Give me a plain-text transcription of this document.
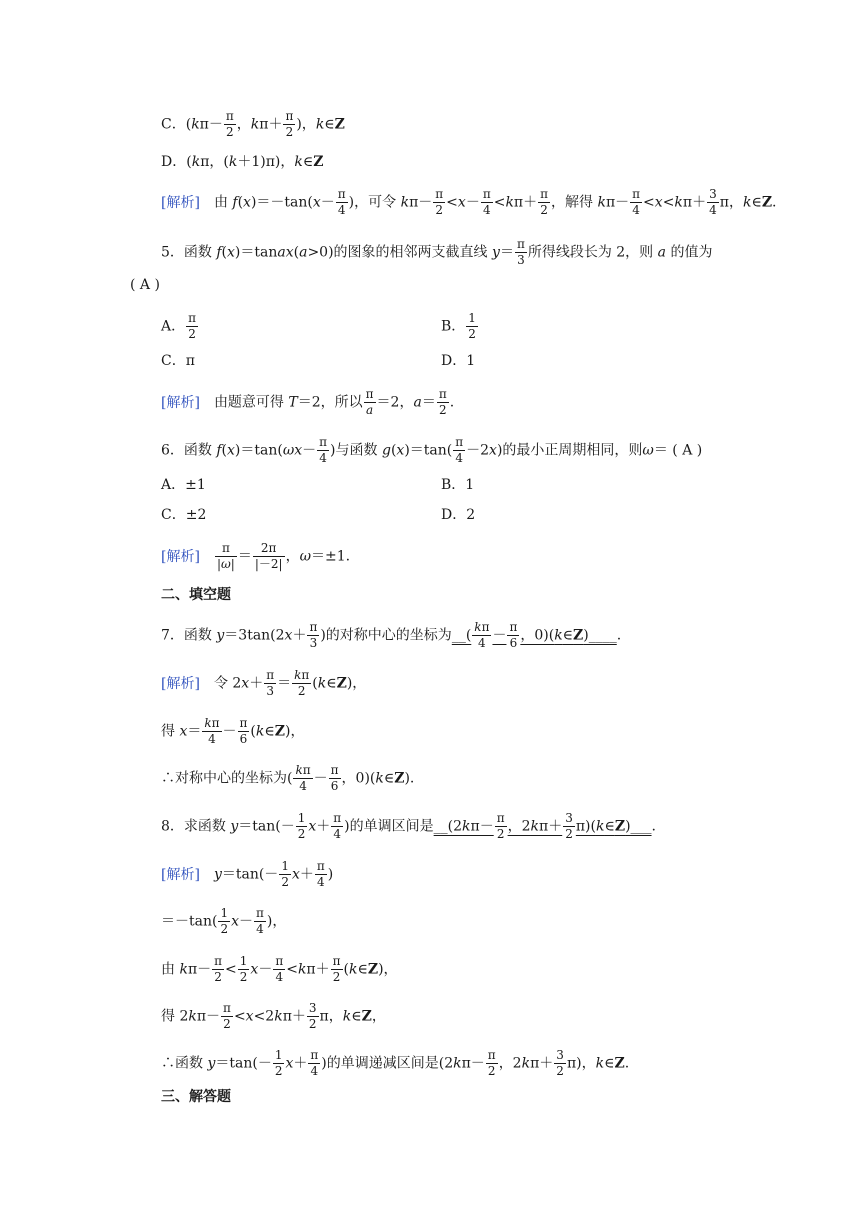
C．($k\pi- \frac{\pi}{2}$ ，$k\pi+ \frac{\pi}{2}$ )，k∈Z
D．(kπ，(k＋1)π)，k∈Z
[解析] 由 $f(x)=-\tan(x- \frac{\pi}{4}$ )，可令 $k\pi- \frac{\pi}{2} <x- \frac{\pi}{4} <k\pi+ \frac{\pi}{2}$ ，解得 $k\pi- \frac{\pi}{4} <x<k\pi+ \frac{3}{4}$ π，k∈Z.
5．函数 f(x)＝tanax(a>0)的图象的相邻两支截直线 $y= \frac{\pi}{3}$ 所得线段长为 2，则 a 的值为
( A )
A． $\frac{\pi}{2}$	B． $\frac{1}{2}$
C．π	D．1
[解析] 由题意可得 T＝2，所以 $\frac{\pi}{a} =2$，$a= \frac{\pi}{2}$ .
6．函数 $f(x)=\tan(\omega x- \frac{\pi}{4}$ )与函数 $g(x)=\tan( \frac{\pi}{4} -2x)$的最小正周期相同，则ω＝ ( A )
A．±1	B．1
C．±2	D．2
[解析] $\frac{\pi}{|\omega|} = \frac{2\pi}{|-2|}$ ，ω＝±1.
二、填空题
7．函数 $y=3\tan(2x+ \frac{\pi}{3}$ )的对称中心的坐标为__( $\frac{k\pi}{4} - \frac{\pi}{6}$ ，0)(k∈Z)____.
[解析] 令 $2x+ \frac{\pi}{3} = \frac{k\pi}{2}$ (k∈Z)，
得 $x= \frac{k\pi}{4} - \frac{\pi}{6}$ (k∈Z)，
∴对称中心的坐标为( $\frac{k\pi}{4} - \frac{\pi}{6}$ ，0)(k∈Z).
8．求函数 $y=\tan(- \frac{1}{2} x+ \frac{\pi}{4}$ )的单调区间是__(2kπ－ $\frac{\pi}{2}$ ，$2k\pi+ \frac{3}{2}$ π)(k∈Z)___.
[解析] $y=\tan(- \frac{1}{2} x+ \frac{\pi}{4}$ )
$=-\tan( \frac{1}{2} x- \frac{\pi}{4}$ )，
由 $k\pi- \frac{\pi}{2} < \frac{1}{2} x- \frac{\pi}{4} <k\pi+ \frac{\pi}{2}$ (k∈Z)，
得 $2k\pi- \frac{\pi}{2} <x<2k\pi+ \frac{3}{2}$ π，k∈Z，
∴函数 $y=\tan(- \frac{1}{2} x+ \frac{\pi}{4}$ )的单调递减区间是($2k\pi- \frac{\pi}{2}$ ，$2k\pi+ \frac{3}{2} \pi$)，k∈Z.
三、解答题
